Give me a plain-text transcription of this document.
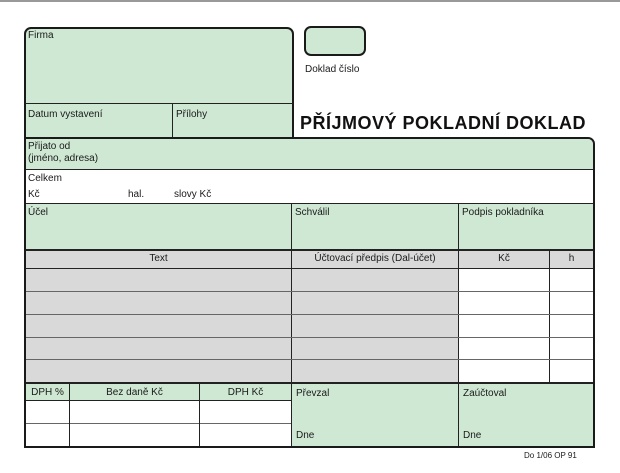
Doklad číslo
PŘÍJMOVÝ POKLADNÍ DOKLAD
Firma
Datum vystavení	Přílohy
Přijato od
(jméno, adresa)
Celkem
Kč	hal.	slovy Kč
Účel	Schválil	Podpis pokladníka
Text	Účtovací předpis (Dal-účet)	Kč	h
DPH %	Bez daně Kč	DPH Kč	Převzal	Zaúčtoval
Dne	Dne
Do 1/06 OP 91
